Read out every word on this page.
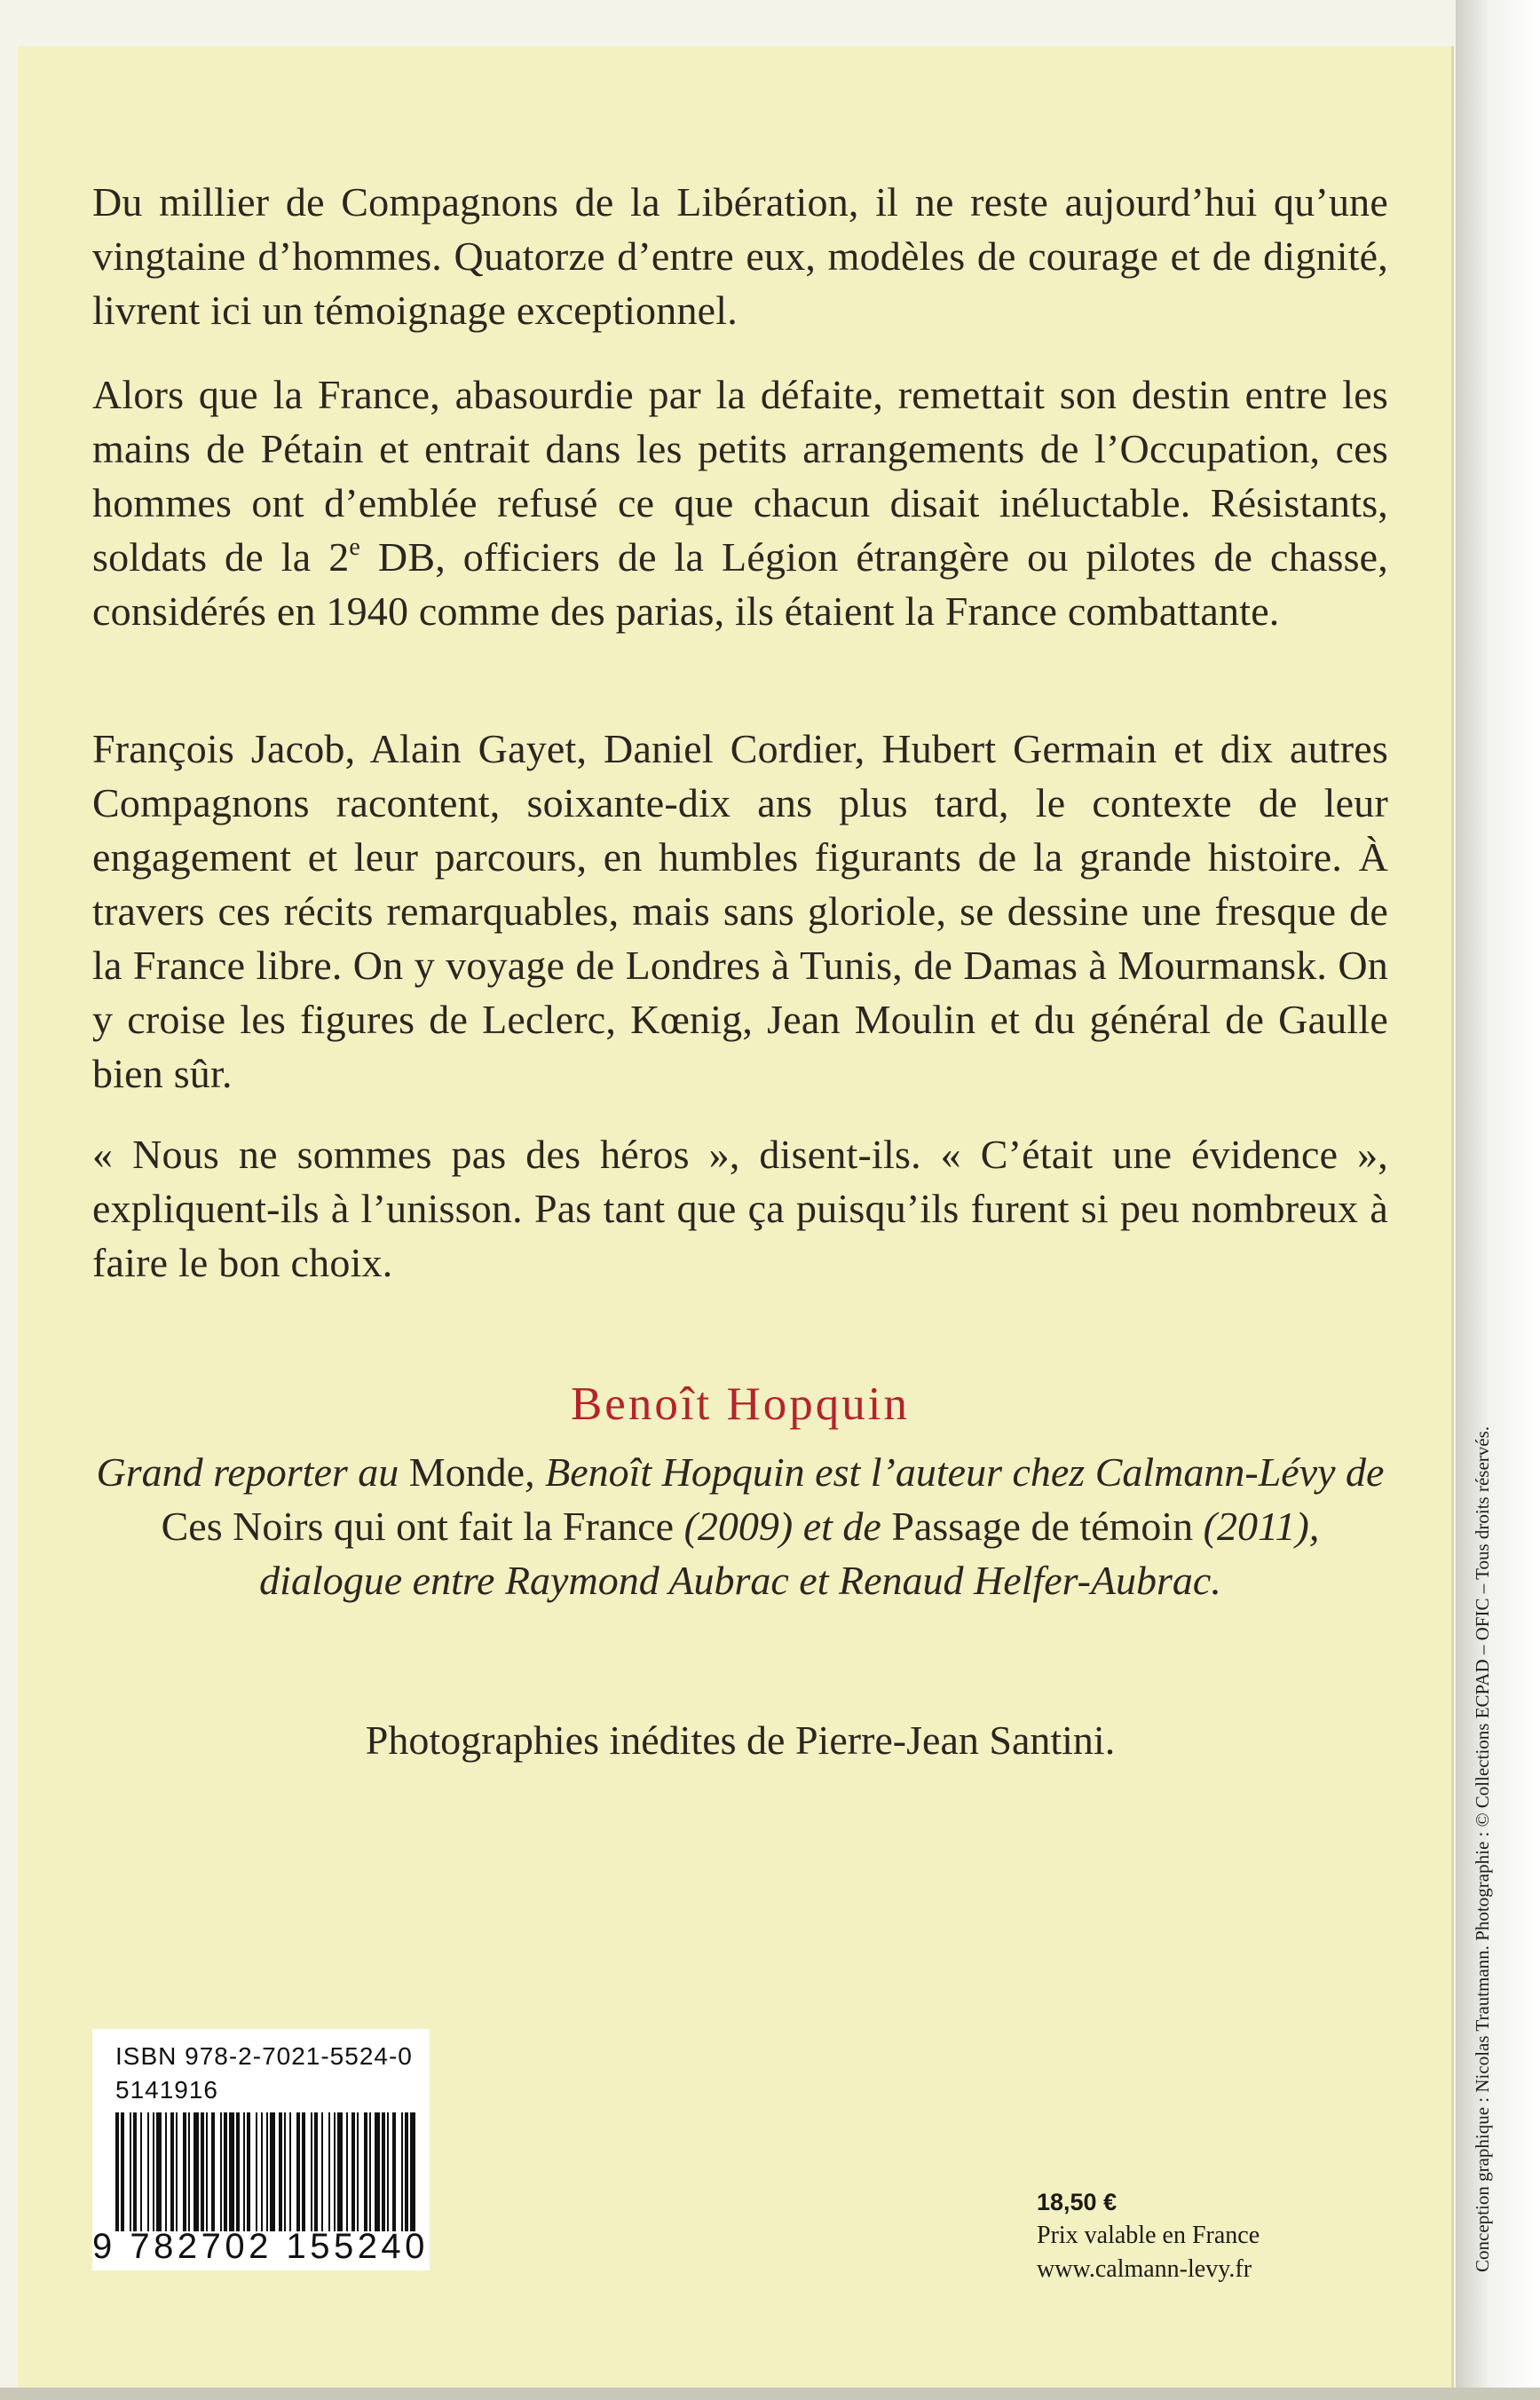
Du millier de Compagnons de la Libération, il ne reste aujourd’hui qu’une vingtaine d’hommes. Quatorze d’entre eux, modèles de courage et de dignité, livrent ici un témoignage exceptionnel.

Alors que la France, abasourdie par la défaite, remettait son destin entre les mains de Pétain et entrait dans les petits arrangements de l’Occupation, ces hommes ont d’emblée refusé ce que chacun disait inéluctable. Résistants, soldats de la 2e DB, officiers de la Légion étrangère ou pilotes de chasse, considérés en 1940 comme des parias, ils étaient la France combattante.

François Jacob, Alain Gayet, Daniel Cordier, Hubert Germain et dix autres Compagnons racontent, soixante-dix ans plus tard, le contexte de leur engagement et leur parcours, en humbles figurants de la grande histoire. À travers ces récits remarquables, mais sans gloriole, se dessine une fresque de la France libre. On y voyage de Londres à Tunis, de Damas à Mourmansk. On y croise les figures de Leclerc, Kœnig, Jean Moulin et du général de Gaulle bien sûr.

« Nous ne sommes pas des héros », disent-ils. « C’était une évidence », expliquent-ils à l’unisson. Pas tant que ça puisqu’ils furent si peu nombreux à faire le bon choix.

Benoît Hopquin
Grand reporter au Monde, Benoît Hopquin est l’auteur chez Calmann-Lévy de Ces Noirs qui ont fait la France (2009) et de Passage de témoin (2011), dialogue entre Raymond Aubrac et Renaud Helfer-Aubrac.
Photographies inédites de Pierre-Jean Santini.
ISBN 978-2-7021-5524-0
5141916
9 782702 155240
18,50 €
Prix valable en France
www.calmann-levy.fr	Conception graphique : Nicolas Trautmann. Photographie : © Collections ECPAD – OFIC – Tous droits réservés.
